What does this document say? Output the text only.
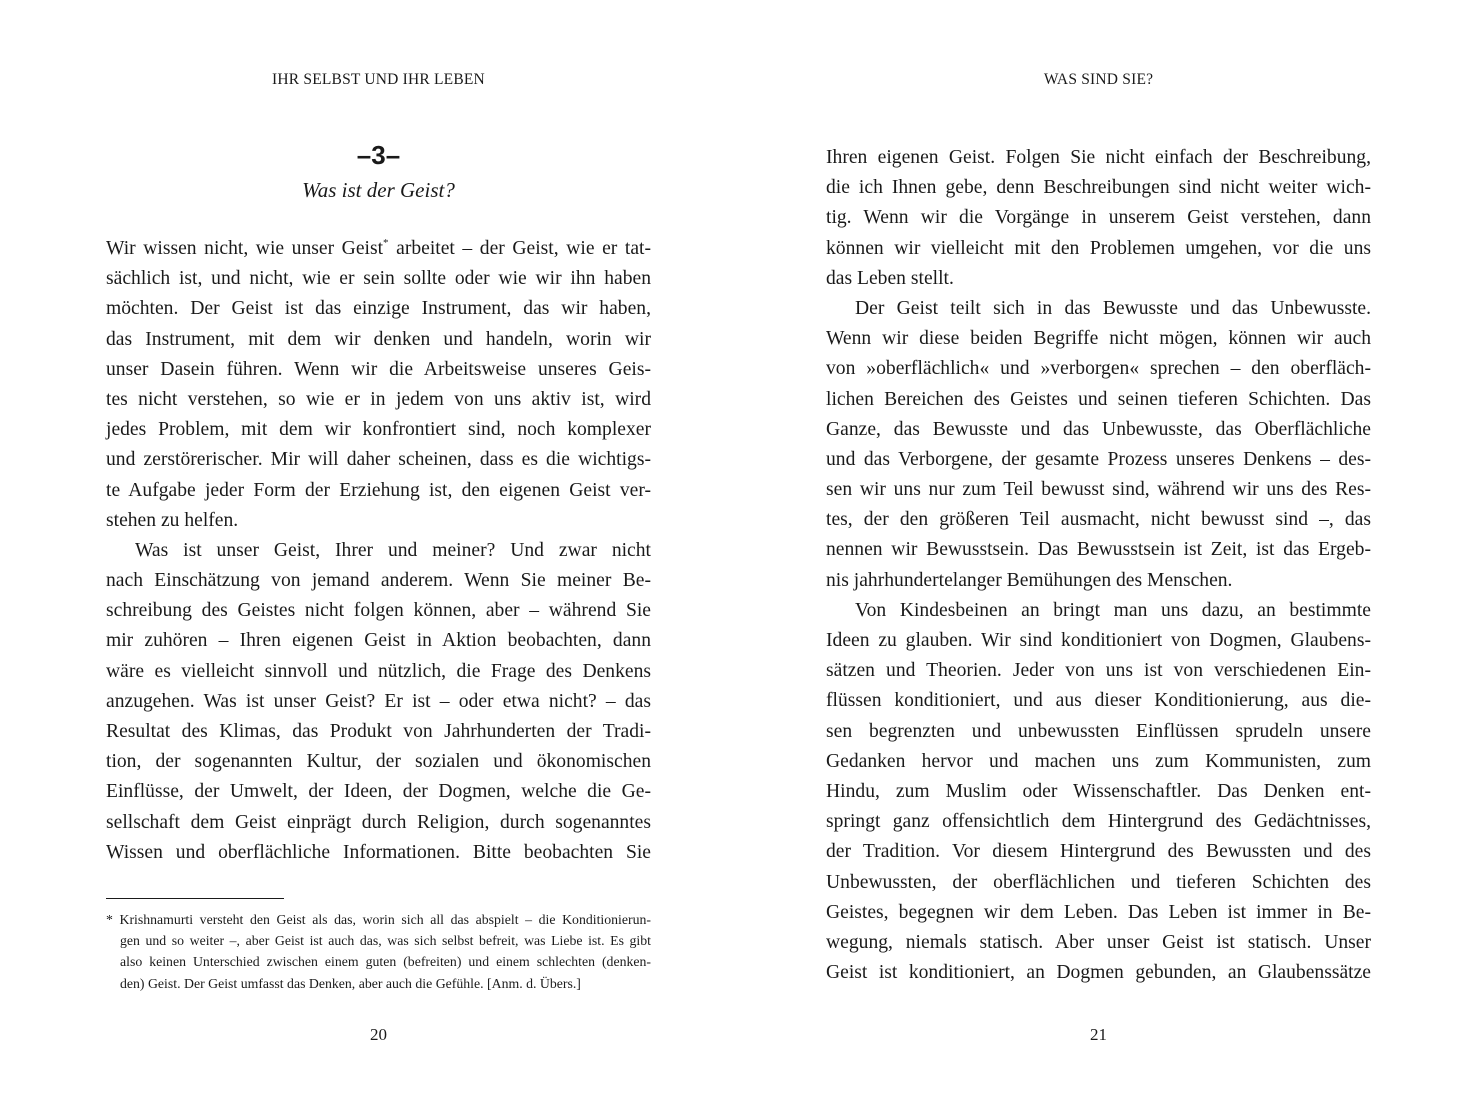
IHR SELBST UND IHR LEBEN
–3–
Was ist der Geist?
Wir wissen nicht, wie unser Geist* arbeitet – der Geist, wie er tat-
sächlich ist, und nicht, wie er sein sollte oder wie wir ihn haben
möchten. Der Geist ist das einzige Instrument, das wir haben,
das Instrument, mit dem wir denken und handeln, worin wir
unser Dasein führen. Wenn wir die Arbeitsweise unseres Geis-
tes nicht verstehen, so wie er in jedem von uns aktiv ist, wird
jedes Problem, mit dem wir konfrontiert sind, noch komplexer
und zerstörerischer. Mir will daher scheinen, dass es die wichtigs-
te Aufgabe jeder Form der Erziehung ist, den eigenen Geist ver-
stehen zu helfen.
Was ist unser Geist, Ihrer und meiner? Und zwar nicht
nach Einschätzung von jemand anderem. Wenn Sie meiner Be-
schreibung des Geistes nicht folgen können, aber – während Sie
mir zuhören – Ihren eigenen Geist in Aktion beobachten, dann
wäre es vielleicht sinnvoll und nützlich, die Frage des Denkens
anzugehen. Was ist unser Geist? Er ist – oder etwa nicht? – das
Resultat des Klimas, das Produkt von Jahrhunderten der Tradi-
tion, der sogenannten Kultur, der sozialen und ökonomischen
Einflüsse, der Umwelt, der Ideen, der Dogmen, welche die Ge-
sellschaft dem Geist einprägt durch Religion, durch sogenanntes
Wissen und oberflächliche Informationen. Bitte beobachten Sie
* Krishnamurti versteht den Geist als das, worin sich all das abspielt – die Konditionierun-
gen und so weiter –, aber Geist ist auch das, was sich selbst befreit, was Liebe ist. Es gibt
also keinen Unterschied zwischen einem guten (befreiten) und einem schlechten (denken-
den) Geist. Der Geist umfasst das Denken, aber auch die Gefühle. [Anm. d. Übers.]
20
WAS SIND SIE?
Ihren eigenen Geist. Folgen Sie nicht einfach der Beschreibung,
die ich Ihnen gebe, denn Beschreibungen sind nicht weiter wich-
tig. Wenn wir die Vorgänge in unserem Geist verstehen, dann
können wir vielleicht mit den Problemen umgehen, vor die uns
das Leben stellt.
Der Geist teilt sich in das Bewusste und das Unbewusste.
Wenn wir diese beiden Begriffe nicht mögen, können wir auch
von »oberflächlich« und »verborgen« sprechen – den oberfläch-
lichen Bereichen des Geistes und seinen tieferen Schichten. Das
Ganze, das Bewusste und das Unbewusste, das Oberflächliche
und das Verborgene, der gesamte Prozess unseres Denkens – des-
sen wir uns nur zum Teil bewusst sind, während wir uns des Res-
tes, der den größeren Teil ausmacht, nicht bewusst sind –, das
nennen wir Bewusstsein. Das Bewusstsein ist Zeit, ist das Ergeb-
nis jahrhundertelanger Bemühungen des Menschen.
Von Kindesbeinen an bringt man uns dazu, an bestimmte
Ideen zu glauben. Wir sind konditioniert von Dogmen, Glaubens-
sätzen und Theorien. Jeder von uns ist von verschiedenen Ein-
flüssen konditioniert, und aus dieser Konditionierung, aus die-
sen begrenzten und unbewussten Einflüssen sprudeln unsere
Gedanken hervor und machen uns zum Kommunisten, zum
Hindu, zum Muslim oder Wissenschaftler. Das Denken ent-
springt ganz offensichtlich dem Hintergrund des Gedächtnisses,
der Tradition. Vor diesem Hintergrund des Bewussten und des
Unbewussten, der oberflächlichen und tieferen Schichten des
Geistes, begegnen wir dem Leben. Das Leben ist immer in Be-
wegung, niemals statisch. Aber unser Geist ist statisch. Unser
Geist ist konditioniert, an Dogmen gebunden, an Glaubenssätze
21
